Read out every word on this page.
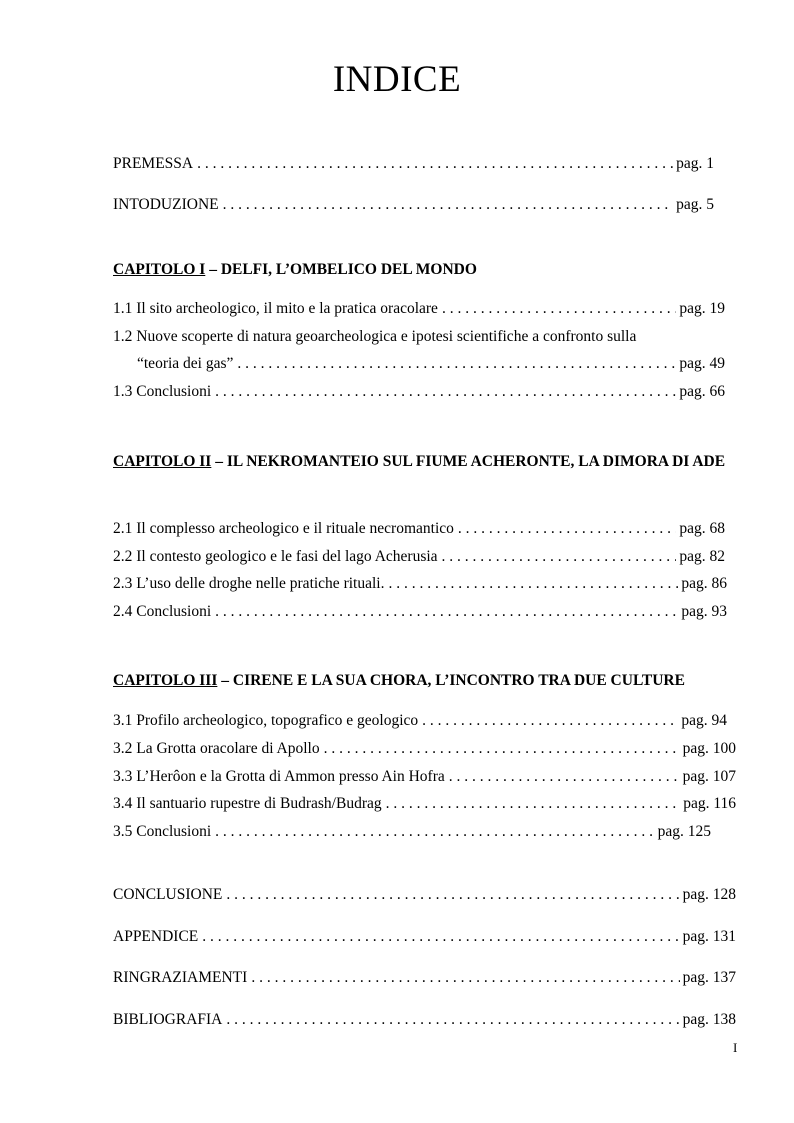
INDICE
PREMESSA . . .	pag. 1
INTODUZIONE . . .	pag. 5
CAPITOLO I – DELFI, L’OMBELICO DEL MONDO
1.1 Il sito archeologico, il mito e la pratica oracolare . . .	pag. 19
1.2 Nuove scoperte di natura geoarcheologica e ipotesi scientifiche a confronto sulla
“teoria dei gas” . . .	pag. 49
1.3 Conclusioni . . .	pag. 66
CAPITOLO II – IL NEKROMANTEIO SUL FIUME ACHERONTE, LA DIMORA DI ADE
2.1 Il complesso archeologico e il rituale necromantico . . .	pag. 68
2.2 Il contesto geologico e le fasi del lago Acherusia . . .	pag. 82
2.3 L’uso delle droghe nelle pratiche rituali. . . .	pag. 86
2.4 Conclusioni . . .	pag. 93
CAPITOLO III – CIRENE E LA SUA CHORA, L’INCONTRO TRA DUE CULTURE
3.1 Profilo archeologico, topografico e geologico . . .	pag. 94
3.2 La Grotta oracolare di Apollo . . .	pag. 100
3.3 L’Herôon e la Grotta di Ammon presso Ain Hofra . . .	pag. 107
3.4 Il santuario rupestre di Budrash/Budrag . . .	pag. 116
3.5 Conclusioni . . .	pag. 125
CONCLUSIONE . . .	pag. 128
APPENDICE . . .	pag. 131
RINGRAZIAMENTI . . .	pag. 137
BIBLIOGRAFIA . . .	pag. 138
I
